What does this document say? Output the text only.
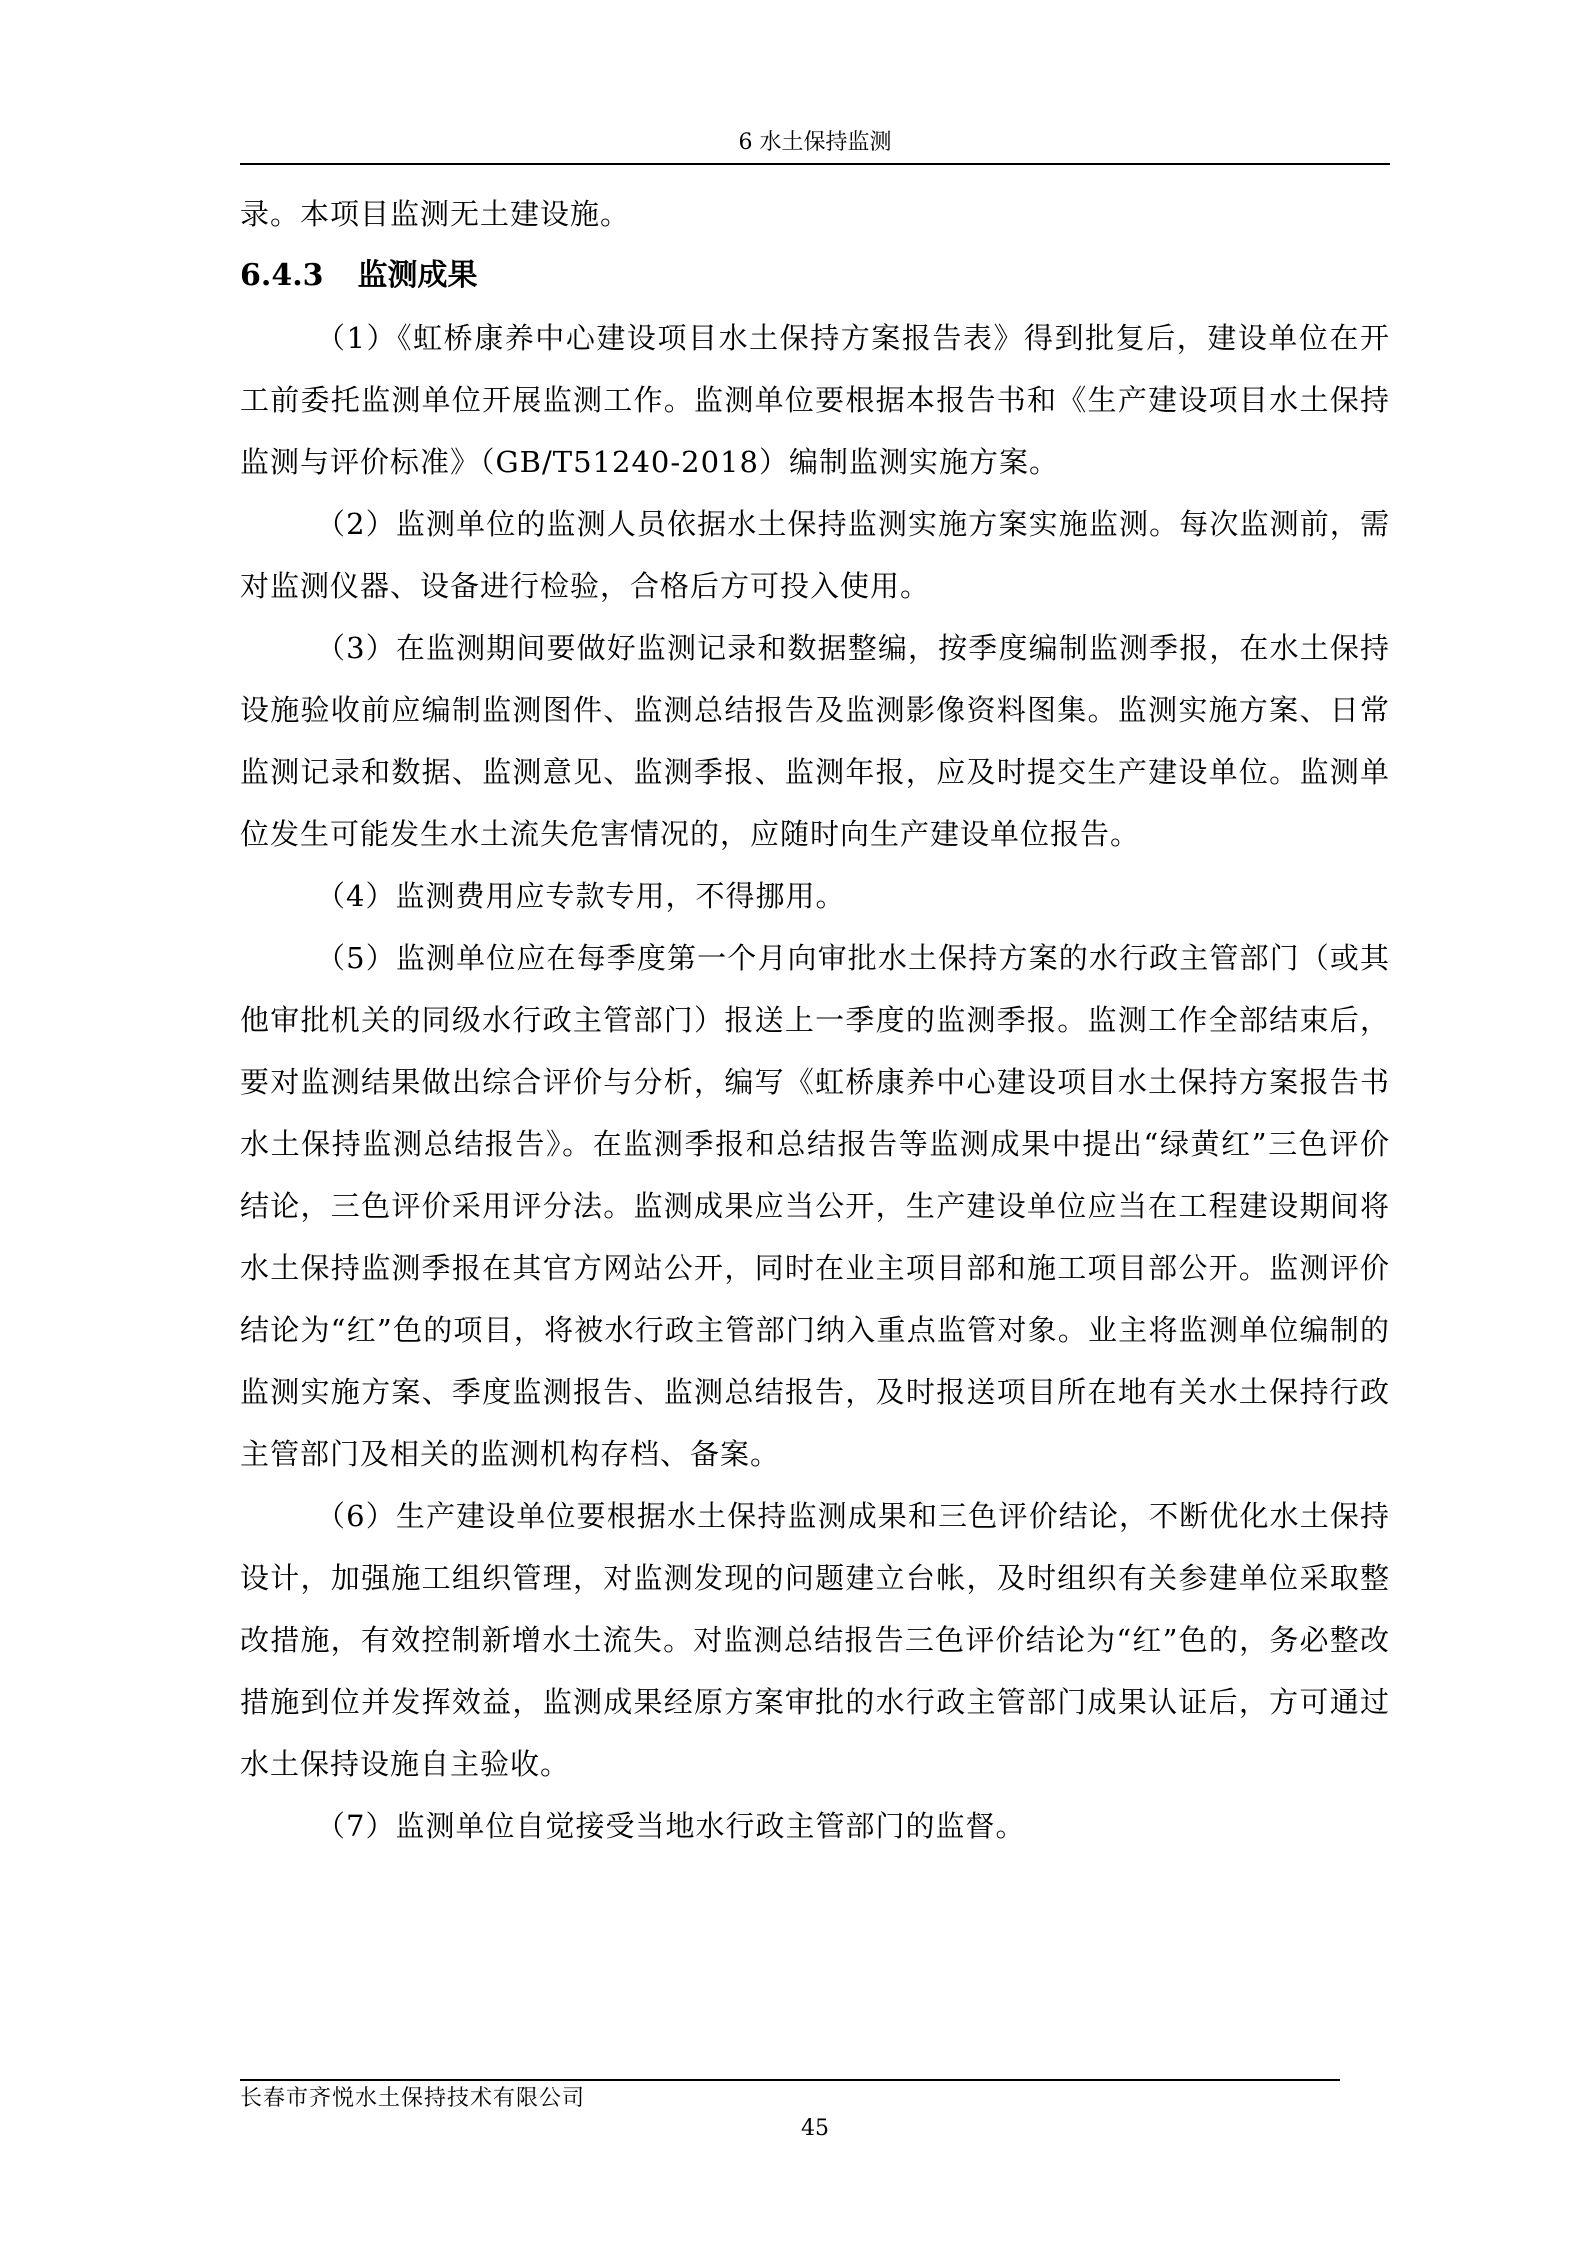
6 水土保持监测

录。本项目监测无土建设施。

6.4.3 监测成果

（1）《虹桥康养中心建设项目水土保持方案报告表》得到批复后，建设单位在开工前委托监测单位开展监测工作。监测单位要根据本报告书和《生产建设项目水土保持监测与评价标准》（GB/T51240-2018）编制监测实施方案。

（2）监测单位的监测人员依据水土保持监测实施方案实施监测。每次监测前，需对监测仪器、设备进行检验，合格后方可投入使用。

（3）在监测期间要做好监测记录和数据整编，按季度编制监测季报，在水土保持设施验收前应编制监测图件、监测总结报告及监测影像资料图集。监测实施方案、日常监测记录和数据、监测意见、监测季报、监测年报，应及时提交生产建设单位。监测单位发生可能发生水土流失危害情况的，应随时向生产建设单位报告。

（4）监测费用应专款专用，不得挪用。

（5）监测单位应在每季度第一个月向审批水土保持方案的水行政主管部门（或其他审批机关的同级水行政主管部门）报送上一季度的监测季报。监测工作全部结束后，要对监测结果做出综合评价与分析，编写《虹桥康养中心建设项目水土保持方案报告书水土保持监测总结报告》。在监测季报和总结报告等监测成果中提出“绿黄红”三色评价结论，三色评价采用评分法。监测成果应当公开，生产建设单位应当在工程建设期间将水土保持监测季报在其官方网站公开，同时在业主项目部和施工项目部公开。监测评价结论为“红”色的项目，将被水行政主管部门纳入重点监管对象。业主将监测单位编制的监测实施方案、季度监测报告、监测总结报告，及时报送项目所在地有关水土保持行政主管部门及相关的监测机构存档、备案。

（6）生产建设单位要根据水土保持监测成果和三色评价结论，不断优化水土保持设计，加强施工组织管理，对监测发现的问题建立台帐，及时组织有关参建单位采取整改措施，有效控制新增水土流失。对监测总结报告三色评价结论为“红”色的，务必整改措施到位并发挥效益，监测成果经原方案审批的水行政主管部门成果认证后，方可通过水土保持设施自主验收。

（7）监测单位自觉接受当地水行政主管部门的监督。

长春市齐悦水土保持技术有限公司
45
